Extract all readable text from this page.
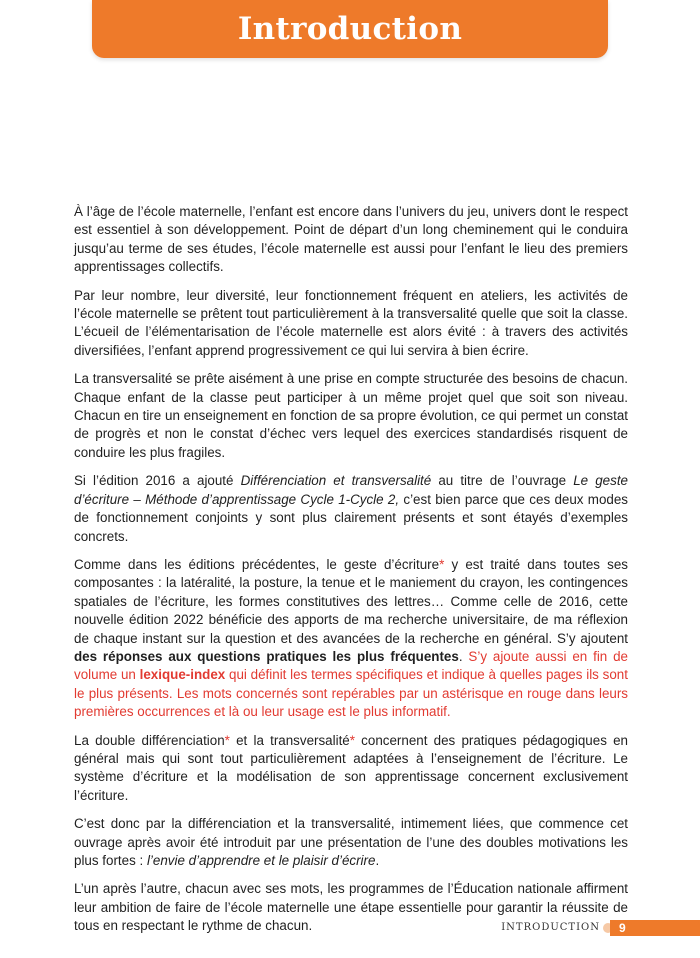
Introduction

À l’âge de l’école maternelle, l’enfant est encore dans l’univers du jeu, univers dont le respect est essentiel à son développement. Point de départ d’un long cheminement qui le conduira jusqu’au terme de ses études, l’école maternelle est aussi pour l’enfant le lieu des premiers apprentissages collectifs.

Par leur nombre, leur diversité, leur fonctionnement fréquent en ateliers, les activités de l’école maternelle se prêtent tout particulièrement à la transversalité quelle que soit la classe. L’écueil de l’élémentarisation de l’école maternelle est alors évité : à travers des activités diversifiées, l’enfant apprend progressivement ce qui lui servira à bien écrire.

La transversalité se prête aisément à une prise en compte structurée des besoins de chacun. Chaque enfant de la classe peut participer à un même projet quel que soit son niveau. Chacun en tire un enseignement en fonction de sa propre évolution, ce qui permet un constat de progrès et non le constat d’échec vers lequel des exercices standardisés risquent de conduire les plus fragiles.

Si l’édition 2016 a ajouté Différenciation et transversalité au titre de l’ouvrage Le geste d’écriture – Méthode d’apprentissage Cycle 1-Cycle 2, c’est bien parce que ces deux modes de fonctionnement conjoints y sont plus clairement présents et sont étayés d’exemples concrets.

Comme dans les éditions précédentes, le geste d’écriture* y est traité dans toutes ses composantes : la latéralité, la posture, la tenue et le maniement du crayon, les contingences spatiales de l’écriture, les formes constitutives des lettres… Comme celle de 2016, cette nouvelle édition 2022 bénéficie des apports de ma recherche universitaire, de ma réflexion de chaque instant sur la question et des avancées de la recherche en général. S’y ajoutent des réponses aux questions pratiques les plus fréquentes. S’y ajoute aussi en fin de volume un lexique-index qui définit les termes spécifiques et indique à quelles pages ils sont le plus présents. Les mots concernés sont repérables par un astérisque en rouge dans leurs premières occurrences et là ou leur usage est le plus informatif.

La double différenciation* et la transversalité* concernent des pratiques pédagogiques en général mais qui sont tout particulièrement adaptées à l’enseignement de l’écriture. Le système d’écriture et la modélisation de son apprentissage concernent exclusivement l’écriture.

C’est donc par la différenciation et la transversalité, intimement liées, que commence cet ouvrage après avoir été introduit par une présentation de l’une des doubles motivations les plus fortes : l’envie d’apprendre et le plaisir d’écrire.

L’un après l’autre, chacun avec ses mots, les programmes de l’Éducation nationale affirment leur ambition de faire de l’école maternelle une étape essentielle pour garantir la réussite de tous en respectant le rythme de chacun.	INTRODUCTION 9
